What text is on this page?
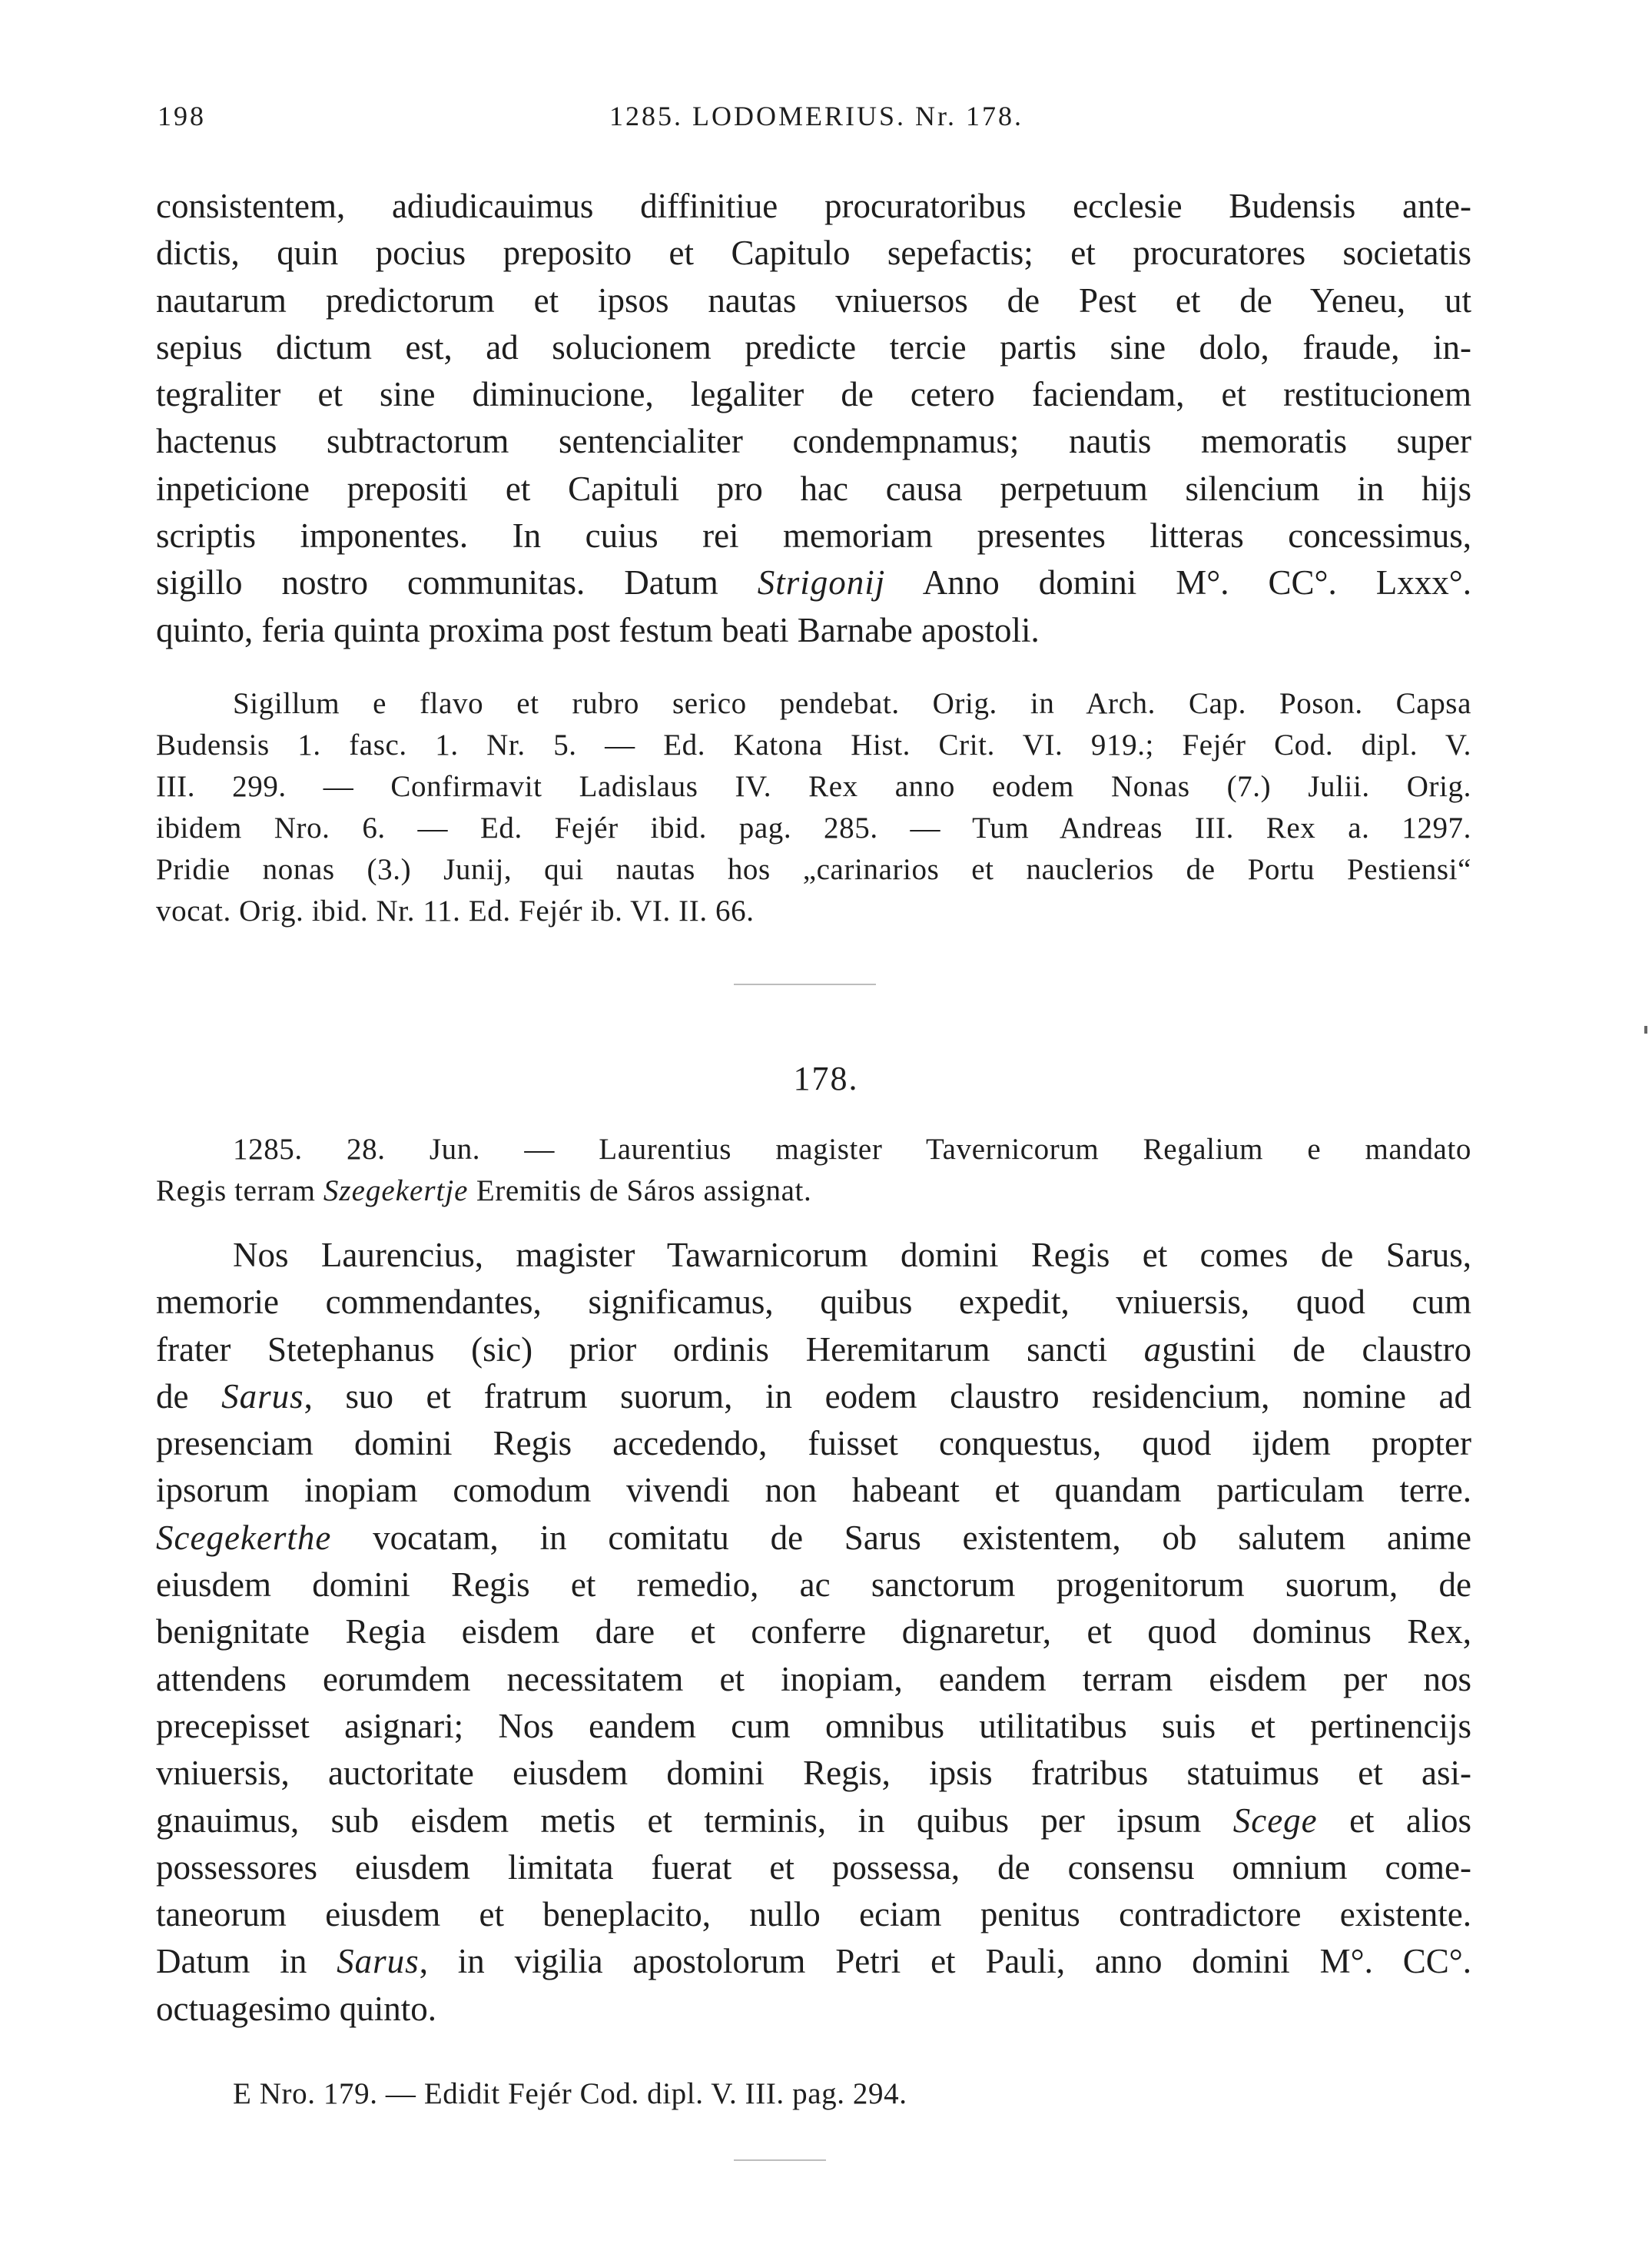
198	1285. LODOMERIUS. Nr. 178.
consistentem, adiudicauimus diffinitiue procuratoribus ecclesie Budensis ante-
dictis, quin pocius preposito et Capitulo sepefactis; et procuratores societatis
nautarum predictorum et ipsos nautas vniuersos de Pest et de Yeneu, ut
sepius dictum est, ad solucionem predicte tercie partis sine dolo, fraude, in-
tegraliter et sine diminucione, legaliter de cetero faciendam, et restitucionem
hactenus subtractorum sentencialiter condempnamus; nautis memoratis super
inpeticione prepositi et Capituli pro hac causa perpetuum silencium in hijs
scriptis imponentes. In cuius rei memoriam presentes litteras concessimus,
sigillo nostro communitas. Datum Strigonij Anno domini M°. CC°. Lxxx°.
quinto, feria quinta proxima post festum beati Barnabe apostoli.
Sigillum e flavo et rubro serico pendebat. Orig. in Arch. Cap. Poson. Capsa
Budensis 1. fasc. 1. Nr. 5. — Ed. Katona Hist. Crit. VI. 919.; Fejér Cod. dipl. V.
III. 299. — Confirmavit Ladislaus IV. Rex anno eodem Nonas (7.) Julii. Orig.
ibidem Nro. 6. — Ed. Fejér ibid. pag. 285. — Tum Andreas III. Rex a. 1297.
Pridie nonas (3.) Junij, qui nautas hos „carinarios et nauclerios de Portu Pestiensi“
vocat. Orig. ibid. Nr. 11. Ed. Fejér ib. VI. II. 66.
178.
1285. 28. Jun. — Laurentius magister Tavernicorum Regalium e mandato
Regis terram Szegekertje Eremitis de Sáros assignat.
Nos Laurencius, magister Tawarnicorum domini Regis et comes de Sarus,
memorie commendantes, significamus, quibus expedit, vniuersis, quod cum
frater Stetephanus (sic) prior ordinis Heremitarum sancti agustini de claustro
de Sarus, suo et fratrum suorum, in eodem claustro residencium, nomine ad
presenciam domini Regis accedendo, fuisset conquestus, quod ijdem propter
ipsorum inopiam comodum vivendi non habeant et quandam particulam terre.
Scegekerthe vocatam, in comitatu de Sarus existentem, ob salutem anime
eiusdem domini Regis et remedio, ac sanctorum progenitorum suorum, de
benignitate Regia eisdem dare et conferre dignaretur, et quod dominus Rex,
attendens eorumdem necessitatem et inopiam, eandem terram eisdem per nos
precepisset asignari; Nos eandem cum omnibus utilitatibus suis et pertinencijs
vniuersis, auctoritate eiusdem domini Regis, ipsis fratribus statuimus et asi-
gnauimus, sub eisdem metis et terminis, in quibus per ipsum Scege et alios
possessores eiusdem limitata fuerat et possessa, de consensu omnium come-
taneorum eiusdem et beneplacito, nullo eciam penitus contradictore existente.
Datum in Sarus, in vigilia apostolorum Petri et Pauli, anno domini M°. CC°.
octuagesimo quinto.
E Nro. 179. — Edidit Fejér Cod. dipl. V. III. pag. 294.
